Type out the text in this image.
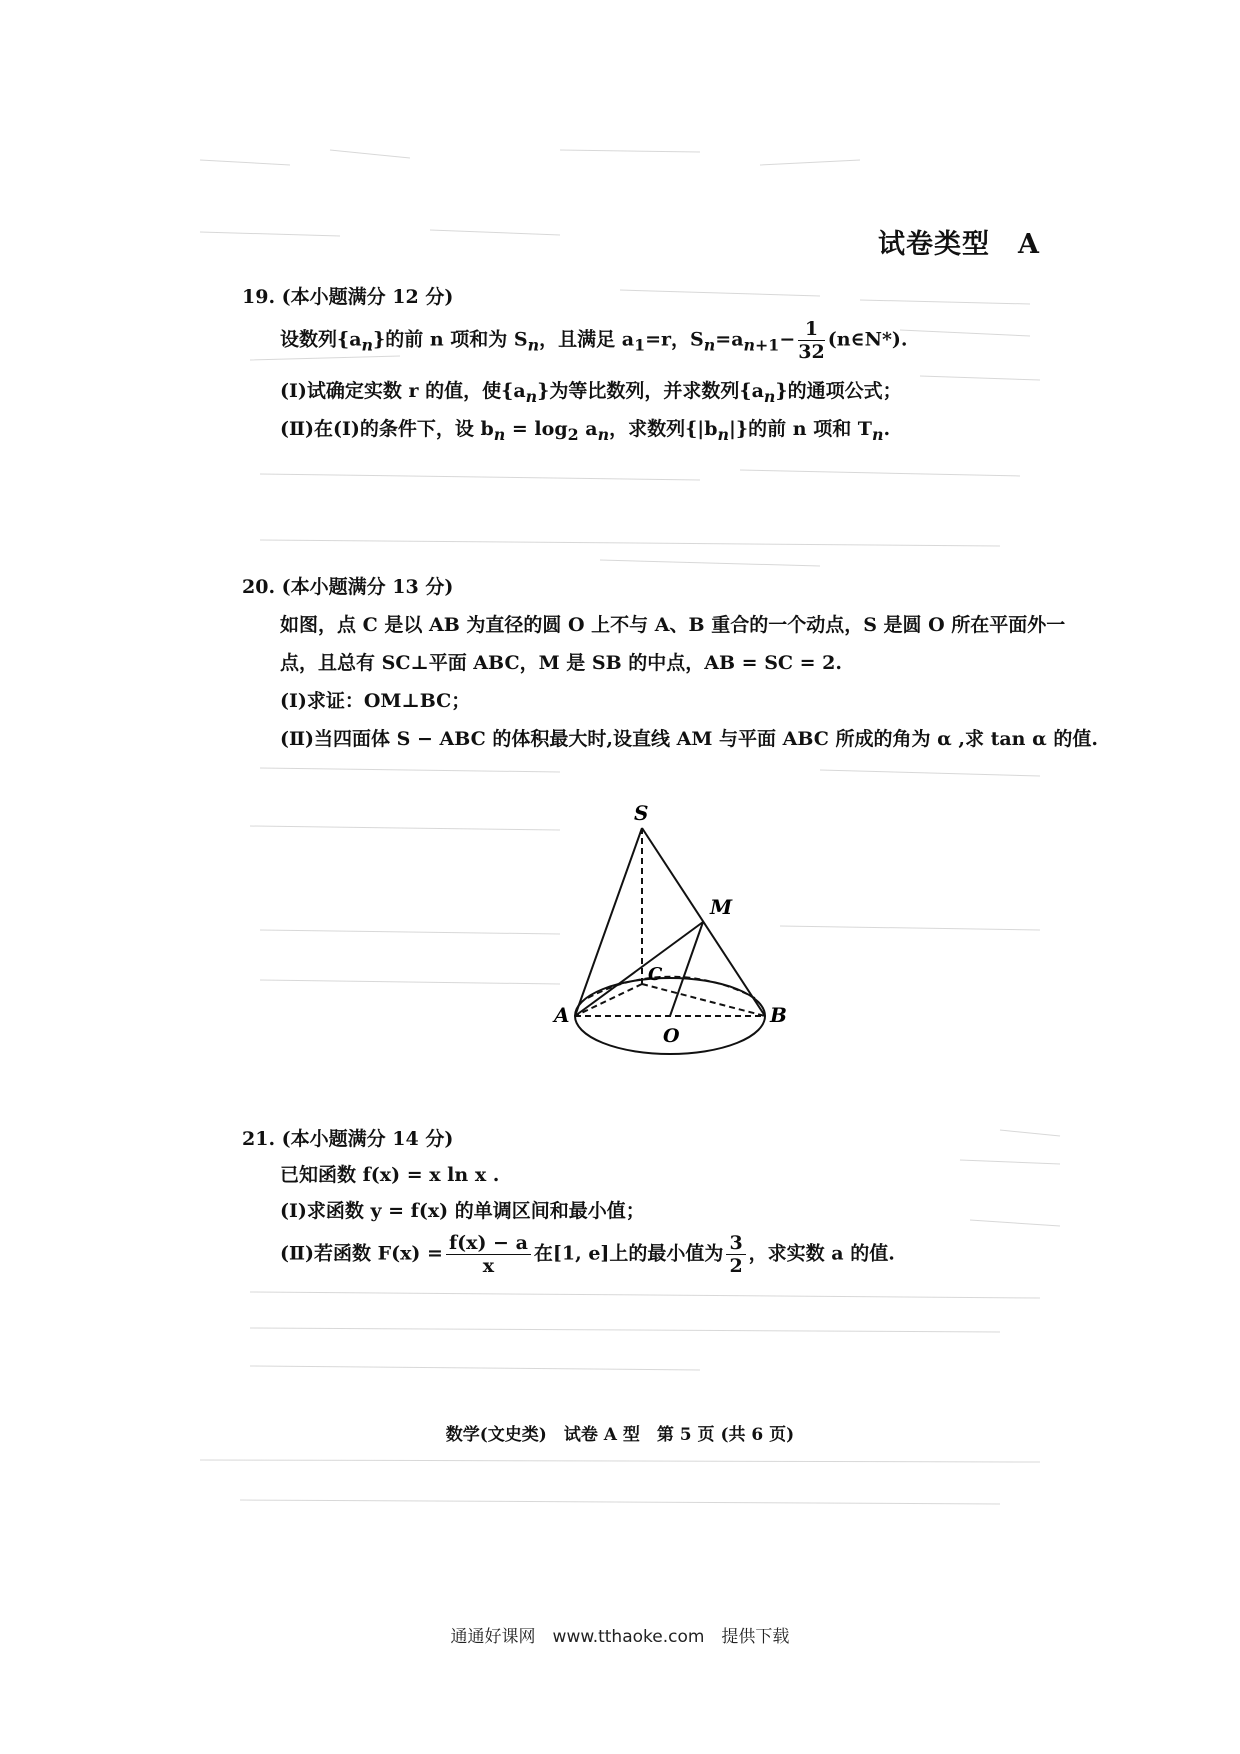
试卷类型　A
19. (本小题满分 12 分)
设数列$\{a_n\}$的前 n 项和为 $S_n$，且满足 $a_1=r$，$S_n=a_{n+1}- \frac{1}{32}$ (n∈N*).
(Ⅰ)试确定实数 r 的值，使$\{a_n\}$为等比数列，并求数列$\{a_n\}$的通项公式；
(Ⅱ)在(Ⅰ)的条件下，设 $b_n = \log_2 a_n$，求数列$\{|b_n|\}$的前 n 项和 $T_n$.
20. (本小题满分 13 分)
如图，点 C 是以 AB 为直径的圆 O 上不与 A、B 重合的一个动点，S 是圆 O 所在平面外一
点，且总有 SC⊥平面 ABC，M 是 SB 的中点，AB = SC = 2.
(Ⅰ)求证：OM⊥BC；
(Ⅱ)当四面体 S − ABC 的体积最大时,设直线 AM 与平面 ABC 所成的角为 α ,求 tan α 的值.
S
M
C
A
O
B
21. (本小题满分 14 分)
已知函数 f(x) = x ln x .
(Ⅰ)求函数 y = f(x) 的单调区间和最小值；
(Ⅱ)若函数 $F(x) = \frac{f(x) - a}{x}$ 在[1, e]上的最小值为 $\frac{3}{2}$ ，求实数 a 的值.
数学(文史类)　试卷 A 型　第 5 页 (共 6 页)
通通好课网　www.tthaoke.com　提供下载
